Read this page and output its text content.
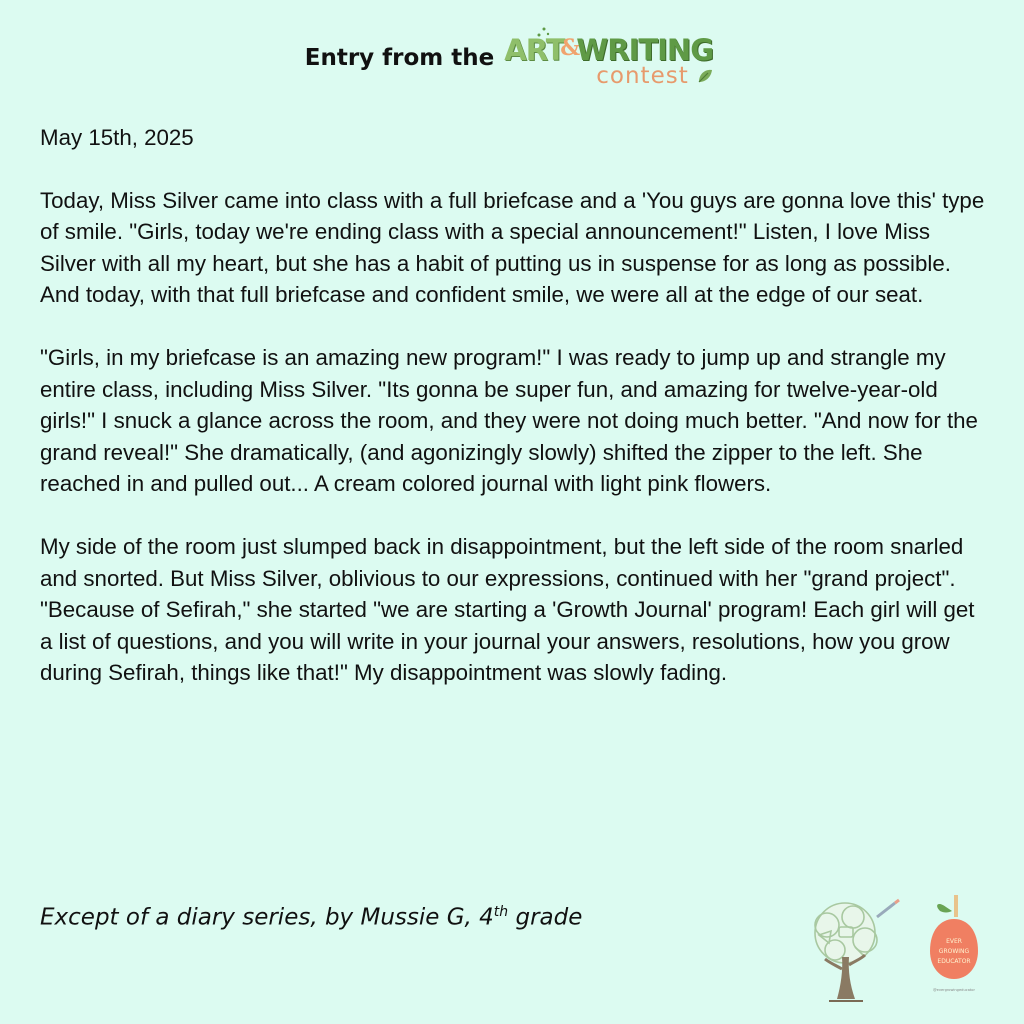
Entry from the ART
&
WRITING
contest

May 15th, 2025

Today, Miss Silver came into class with a full briefcase and a 'You guys are gonna love this' type of smile. "Girls, today we're ending class with a special announcement!" Listen, I love Miss Silver with all my heart, but she has a habit of putting us in suspense for as long as possible. And today, with that full briefcase and confident smile, we were all at the edge of our seat.

"Girls, in my briefcase is an amazing new program!" I was ready to jump up and strangle my entire class, including Miss Silver. "Its gonna be super fun, and amazing for twelve-year-old girls!" I snuck a glance across the room, and they were not doing much better. "And now for the grand reveal!" She dramatically, (and agonizingly slowly) shifted the zipper to the left. She reached in and pulled out... A cream colored journal with light pink flowers.

My side of the room just slumped back in disappointment, but the left side of the room snarled and snorted. But Miss Silver, oblivious to our expressions, continued with her "grand project". "Because of Sefirah," she started "we are starting a 'Growth Journal' program! Each girl will get a list of questions, and you will write in your journal your answers, resolutions, how you grow during Sefirah, things like that!" My disappointment was slowly fading.

Except of a diary series, by Mussie G, 4th grade
EVER
GROWING
EDUCATOR
@evergrowingeducator
